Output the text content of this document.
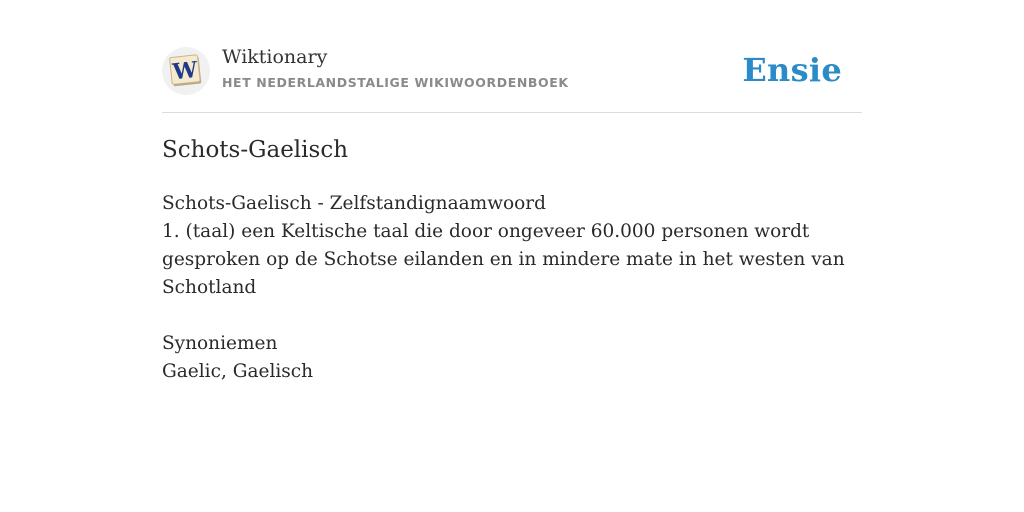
W Wiktionary
HET NEDERLANDSTALIGE WIKIWOORDENBOEK	Ensie
Schots-Gaelisch

Schots-Gaelisch - Zelfstandignaamwoord

1. (taal) een Keltische taal die door ongeveer 60.000 personen wordt gesproken op de Schotse eilanden en in mindere mate in het westen van Schotland

Synoniemen

Gaelic, Gaelisch
